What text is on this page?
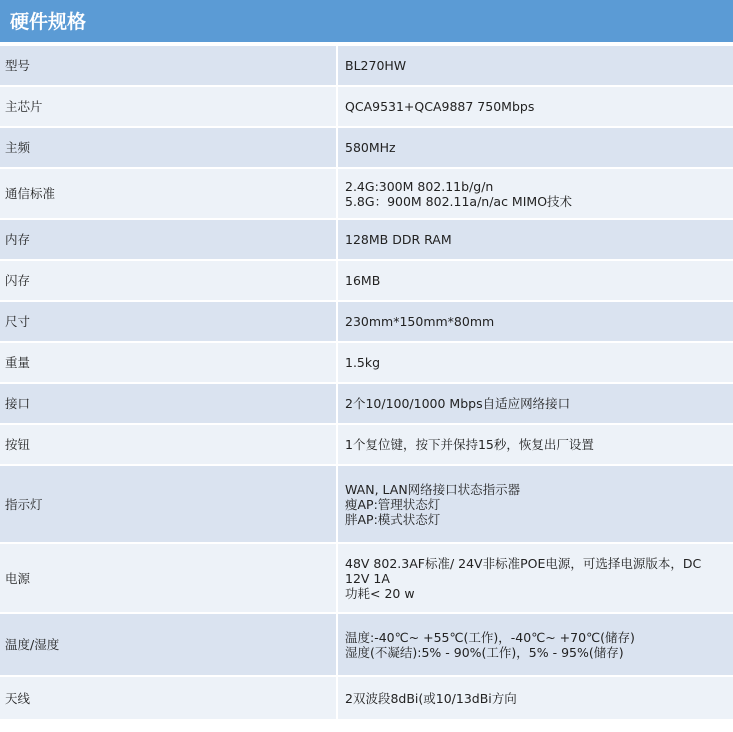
硬件规格
型号	BL270HW

主芯片	QCA9531+QCA9887 750Mbps

主频	580MHz

通信标准	2.4G:300M 802.11b/g/n
5.8G：900M 802.11a/n/ac MIMO技术

内存	128MB DDR RAM

闪存	16MB

尺寸	230mm*150mm*80mm

重量	1.5kg

接口	2个10/100/1000 Mbps自适应网络接口

按钮	1个复位键，按下并保持15秒，恢复出厂设置

指示灯	WAN, LAN网络接口状态指示器
瘦AP:管理状态灯
胖AP:模式状态灯

电源	48V 802.3AF标准/ 24V非标准POE电源，可选择电源版本，DC
12V 1A
功耗< 20 w

温度/湿度	温度:-40℃~ +55℃(工作)，-40℃~ +70℃(储存)
湿度(不凝结):5% - 90%(工作)，5% - 95%(储存)

天线	2双波段8dBi(或10/13dBi方向
